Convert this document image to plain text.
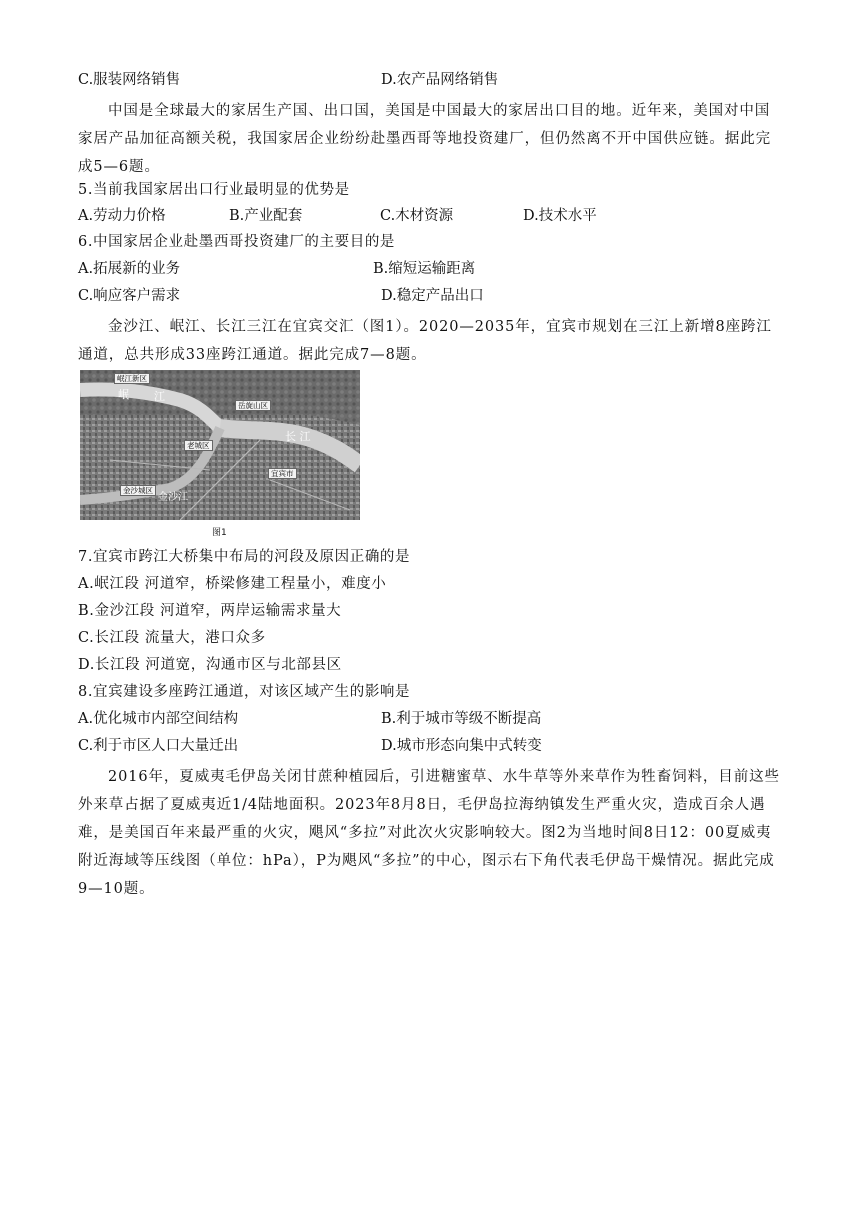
C.服装网络销售	D.农产品网络销售
中国是全球最大的家居生产国、出口国，美国是中国最大的家居出口目的地。近年来，美国对中国家居产品加征高额关税，我国家居企业纷纷赴墨西哥等地投资建厂，但仍然离不开中国供应链。据此完成5—6题。
5.当前我国家居出口行业最明显的优势是
A.劳动力价格	B.产业配套	C.木材资源	D.技术水平
6.中国家居企业赴墨西哥投资建厂的主要目的是
A.拓展新的业务	B.缩短运输距离
C.响应客户需求	D.稳定产品出口
金沙江、岷江、长江三江在宜宾交汇（图1）。2020—2035年，宜宾市规划在三江上新增8座跨江通道，总共形成33座跨江通道。据此完成7—8题。
岷江新区
岷 江
岳旋山区
老城区
长 江
宜宾市
金沙城区
金沙江
图1
7.宜宾市跨江大桥集中布局的河段及原因正确的是
A.岷江段 河道窄，桥梁修建工程量小，难度小
B.金沙江段 河道窄，两岸运输需求量大
C.长江段 流量大，港口众多
D.长江段 河道宽，沟通市区与北部县区
8.宜宾建设多座跨江通道，对该区域产生的影响是
A.优化城市内部空间结构	B.利于城市等级不断提高
C.利于市区人口大量迁出	D.城市形态向集中式转变
2016年，夏威夷毛伊岛关闭甘蔗种植园后，引进糖蜜草、水牛草等外来草作为牲畜饲料，目前这些外来草占据了夏威夷近1/4陆地面积。2023年8月8日，毛伊岛拉海纳镇发生严重火灾，造成百余人遇难，是美国百年来最严重的火灾，飓风“多拉”对此次火灾影响较大。图2为当地时间8日12：00夏威夷附近海域等压线图（单位：hPa），P为飓风“多拉”的中心，图示右下角代表毛伊岛干燥情况。据此完成9—10题。
